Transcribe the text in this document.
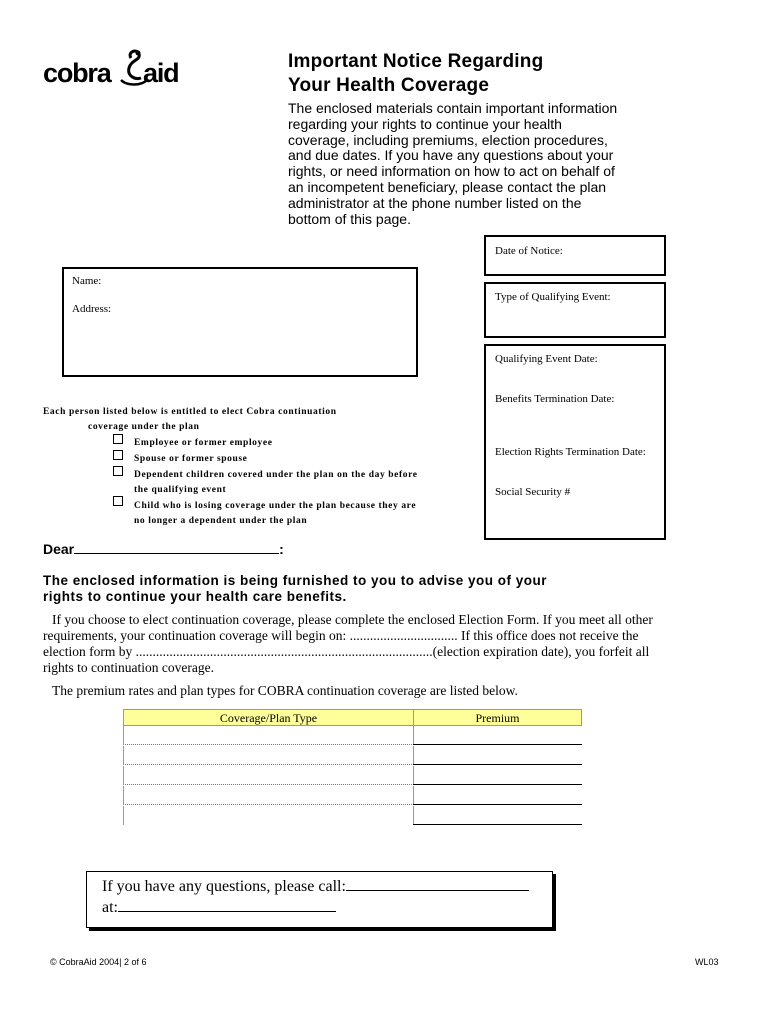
cobra aid	Important Notice Regarding
Your Health Coverage
The enclosed materials contain important information
regarding your rights to continue your health
coverage, including premiums, election procedures,
and due dates. If you have any questions about your
rights, or need information on how to act on behalf of
an incompetent beneficiary, please contact the plan
administrator at the phone number listed on the
bottom of this page.
Date of Notice:
Type of Qualifying Event:
Qualifying Event Date:
Benefits Termination Date:
Election Rights Termination Date:
Social Security #
Name:
Address:
Each person listed below is entitled to elect Cobra continuation
coverage under the plan
Employee or former employee
Spouse or former spouse
Dependent children covered under the plan on the day before
the qualifying event
Child who is losing coverage under the plan because they are
no longer a dependent under the plan
Dear	:
The enclosed information is being furnished to you to advise you of your
rights to continue your health care benefits.
If you choose to elect continuation coverage, please complete the enclosed Election Form. If you meet all other
requirements, your continuation coverage will begin on: ................................ If this office does not receive the
election form by ........................................................................................(election expiration date), you forfeit all
rights to continuation coverage.
The premium rates and plan types for COBRA continuation coverage are listed below.
Coverage/Plan Type	Premium
If you have any questions, please call:
at:
© CobraAid 2004| 2 of 6	WL03
